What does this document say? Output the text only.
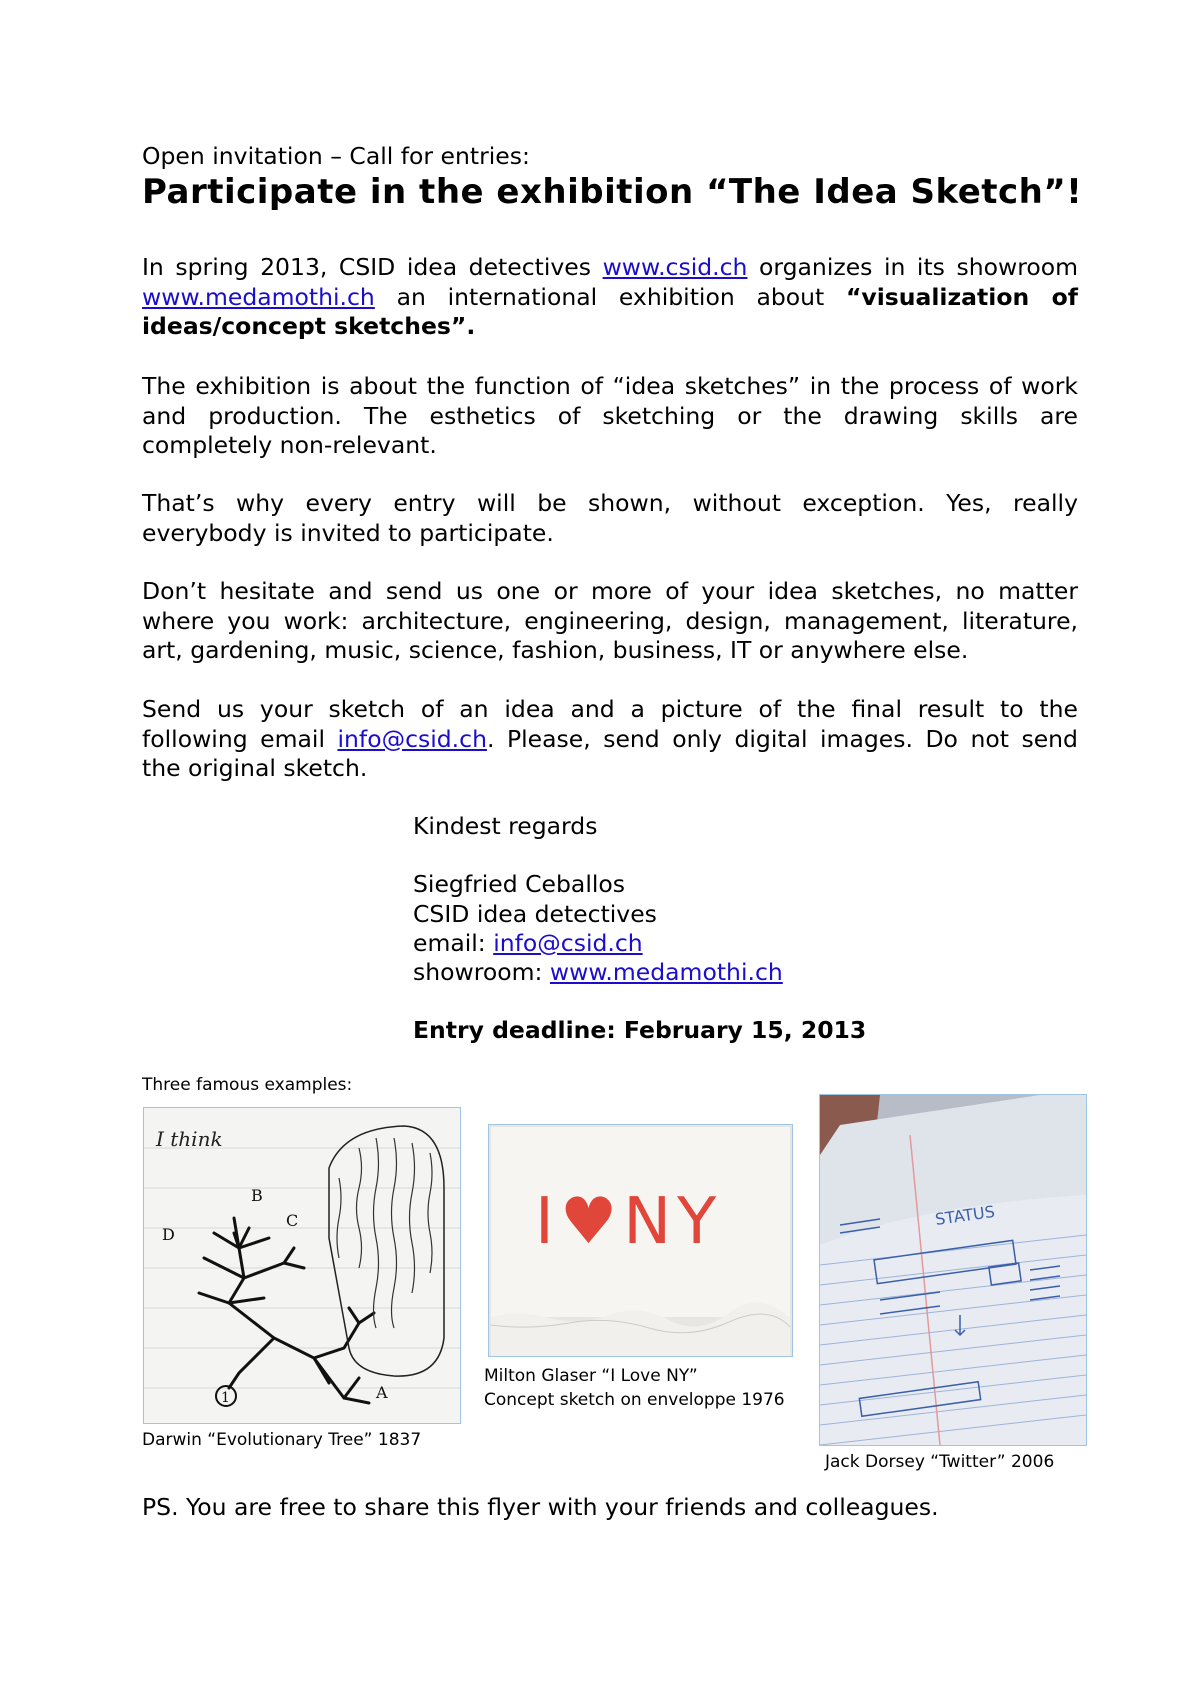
Open invitation – Call for entries:
Participate in the exhibition “The Idea Sketch”!
In spring 2013, CSID idea detectives www.csid.ch organizes in its showroom
www.medamothi.ch an international exhibition about “visualization of
ideas/concept sketches”.
The exhibition is about the function of “idea sketches” in the process of work
and production. The esthetics of sketching or the drawing skills are
completely non-relevant.
That’s why every entry will be shown, without exception. Yes, really
everybody is invited to participate.
Don’t hesitate and send us one or more of your idea sketches, no matter
where you work: architecture, engineering, design, management, literature,
art, gardening, music, science, fashion, business, IT or anywhere else.
Send us your sketch of an idea and a picture of the final result to the
following email info@csid.ch. Please, send only digital images. Do not send
the original sketch.
Kindest regards
Siegfried Ceballos
CSID idea detectives
email: info@csid.ch
showroom: www.medamothi.ch
Entry deadline: February 15, 2013
Three famous examples:
I think
B
D
C
A
1
Darwin “Evolutionary Tree” 1837
I♥NY
Milton Glaser “I Love NY”
Concept sketch on enveloppe 1976
STATUS
Jack Dorsey “Twitter” 2006
PS. You are free to share this flyer with your friends and colleagues.
